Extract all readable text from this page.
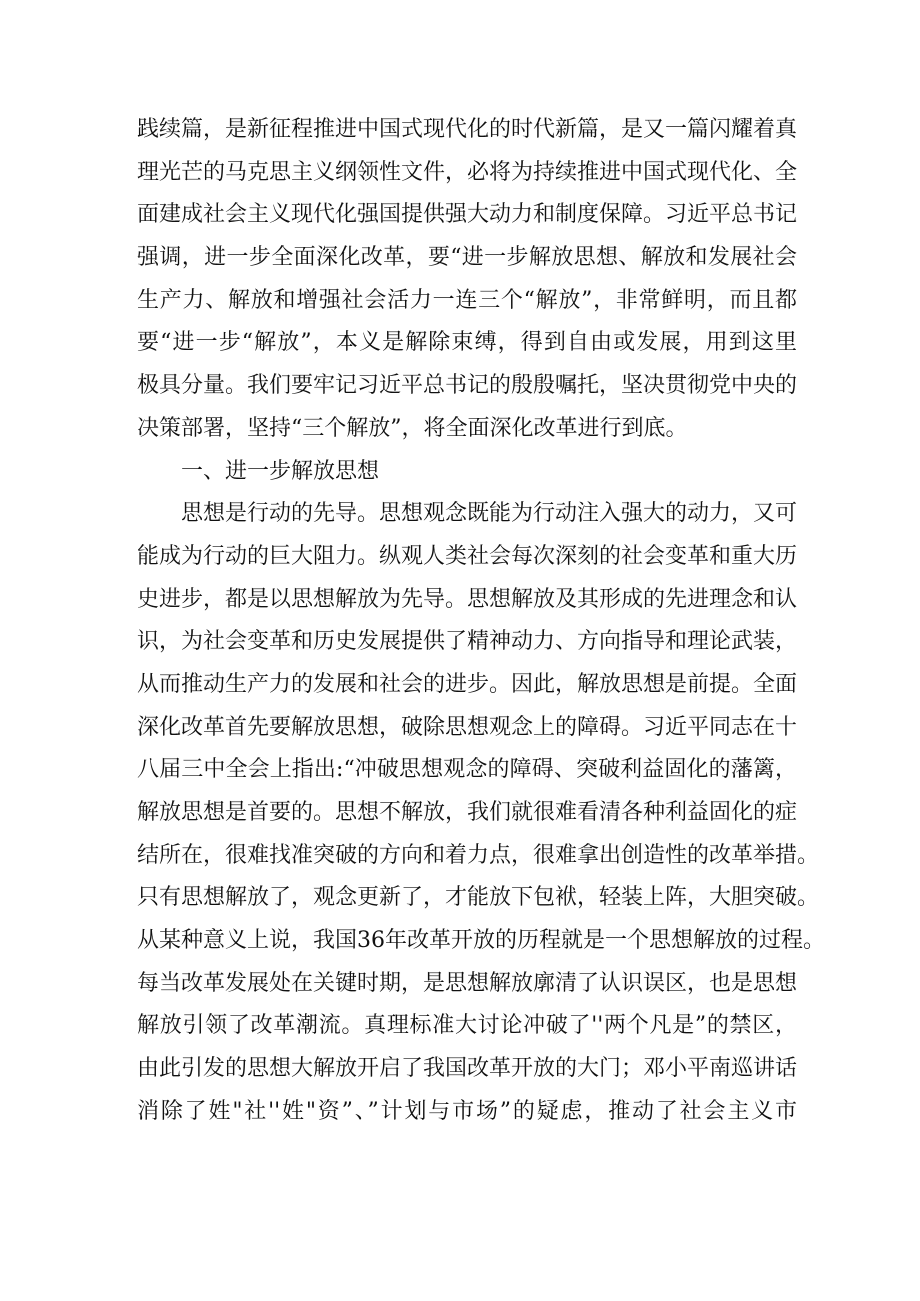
践续篇，是新征程推进中国式现代化的时代新篇，是又一篇闪耀着真
理光芒的马克思主义纲领性文件，必将为持续推进中国式现代化、全
面建成社会主义现代化强国提供强大动力和制度保障。习近平总书记
强调，进一步全面深化改革，要“进一步解放思想、解放和发展社会
生产力、解放和增强社会活力一连三个“解放”，非常鲜明，而且都
要“进一步“解放”，本义是解除束缚，得到自由或发展，用到这里
极具分量。我们要牢记习近平总书记的殷殷嘱托，坚决贯彻党中央的
决策部署，坚持“三个解放”，将全面深化改革进行到底。
一、进一步解放思想
思想是行动的先导。思想观念既能为行动注入强大的动力，又可
能成为行动的巨大阻力。纵观人类社会每次深刻的社会变革和重大历
史进步，都是以思想解放为先导。思想解放及其形成的先进理念和认
识，为社会变革和历史发展提供了精神动力、方向指导和理论武装，
从而推动生产力的发展和社会的进步。因此，解放思想是前提。全面
深化改革首先要解放思想，破除思想观念上的障碍。习近平同志在十
八届三中全会上指出:“冲破思想观念的障碍、突破利益固化的藩篱，
解放思想是首要的。思想不解放，我们就很难看清各种利益固化的症
结所在，很难找准突破的方向和着力点，很难拿出创造性的改革举措。
只有思想解放了，观念更新了，才能放下包袱，轻装上阵，大胆突破。
从某种意义上说，我国36年改革开放的历程就是一个思想解放的过程。
每当改革发展处在关键时期，是思想解放廓清了认识误区，也是思想
解放引领了改革潮流。真理标准大讨论冲破了''两个凡是”的禁区，
由此引发的思想大解放开启了我国改革开放的大门；邓小平南巡讲话
消除了姓"社''姓"资”、”计划与市场”的疑虑，推动了社会主义市
